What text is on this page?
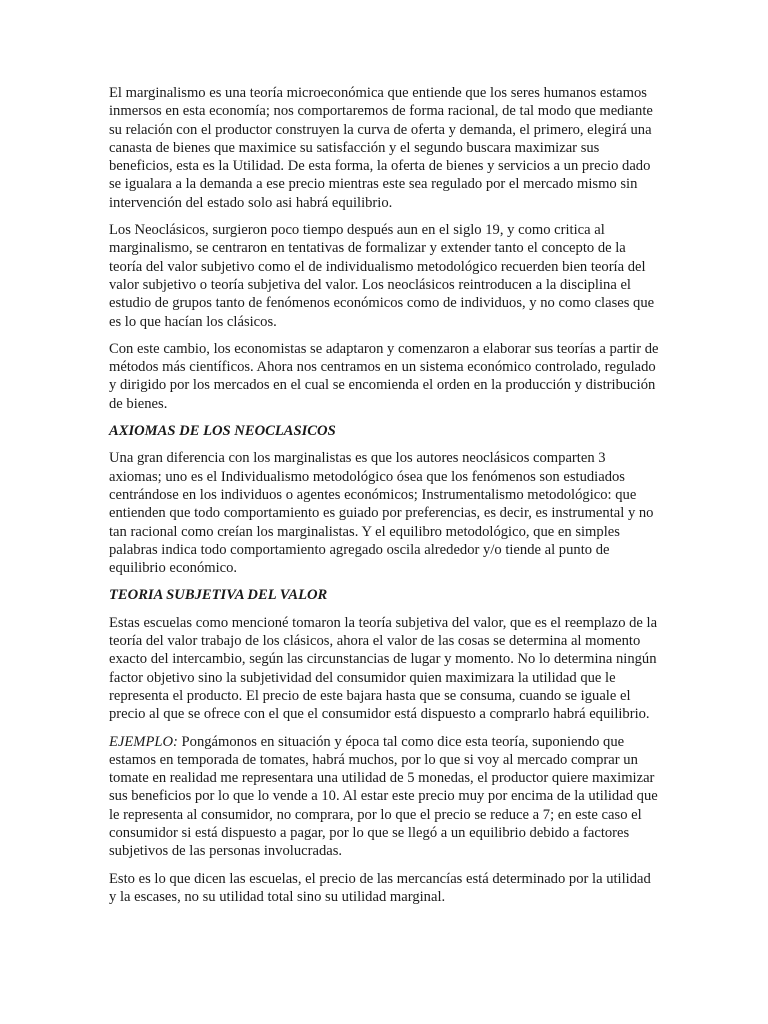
El marginalismo es una teoría microeconómica que entiende que los seres humanos estamos inmersos en esta economía; nos comportaremos de forma racional, de tal modo que mediante su relación con el productor construyen la curva de oferta y demanda, el primero, elegirá una canasta de bienes que maximice su satisfacción y el segundo buscara maximizar sus beneficios, esta es la Utilidad. De esta forma, la oferta de bienes y servicios a un precio dado se igualara a la demanda a ese precio mientras este sea regulado por el mercado mismo sin intervención del estado solo asi habrá equilibrio.

Los Neoclásicos, surgieron poco tiempo después aun en el siglo 19, y como critica al marginalismo, se centraron en tentativas de formalizar y extender tanto el concepto de la teoría del valor subjetivo como el de individualismo metodológico recuerden bien teoría del valor subjetivo o teoría subjetiva del valor. Los neoclásicos reintroducen a la disciplina el estudio de grupos tanto de fenómenos económicos como de individuos, y no como clases que es lo que hacían los clásicos.

Con este cambio, los economistas se adaptaron y comenzaron a elaborar sus teorías a partir de métodos más científicos. Ahora nos centramos en un sistema económico controlado, regulado y dirigido por los mercados en el cual se encomienda el orden en la producción y distribución de bienes.

AXIOMAS DE LOS NEOCLASICOS

Una gran diferencia con los marginalistas es que los autores neoclásicos comparten 3 axiomas; uno es el Individualismo metodológico ósea que los fenómenos son estudiados centrándose en los individuos o agentes económicos; Instrumentalismo metodológico: que entienden que todo comportamiento es guiado por preferencias, es decir, es instrumental y no tan racional como creían los marginalistas. Y el equilibro metodológico, que en simples palabras indica todo comportamiento agregado oscila alrededor y/o tiende al punto de equilibrio económico.

TEORIA SUBJETIVA DEL VALOR

Estas escuelas como mencioné tomaron la teoría subjetiva del valor, que es el reemplazo de la teoría del valor trabajo de los clásicos, ahora el valor de las cosas se determina al momento exacto del intercambio, según las circunstancias de lugar y momento. No lo determina ningún factor objetivo sino la subjetividad del consumidor quien maximizara la utilidad que le representa el producto. El precio de este bajara hasta que se consuma, cuando se iguale el precio al que se ofrece con el que el consumidor está dispuesto a comprarlo habrá equilibrio.

EJEMPLO: Pongámonos en situación y época tal como dice esta teoría, suponiendo que estamos en temporada de tomates, habrá muchos, por lo que si voy al mercado comprar un tomate en realidad me representara una utilidad de 5 monedas, el productor quiere maximizar sus beneficios por lo que lo vende a 10. Al estar este precio muy por encima de la utilidad que le representa al consumidor, no comprara, por lo que el precio se reduce a 7; en este caso el consumidor si está dispuesto a pagar, por lo que se llegó a un equilibrio debido a factores subjetivos de las personas involucradas.

Esto es lo que dicen las escuelas, el precio de las mercancías está determinado por la utilidad y la escases, no su utilidad total sino su utilidad marginal.
